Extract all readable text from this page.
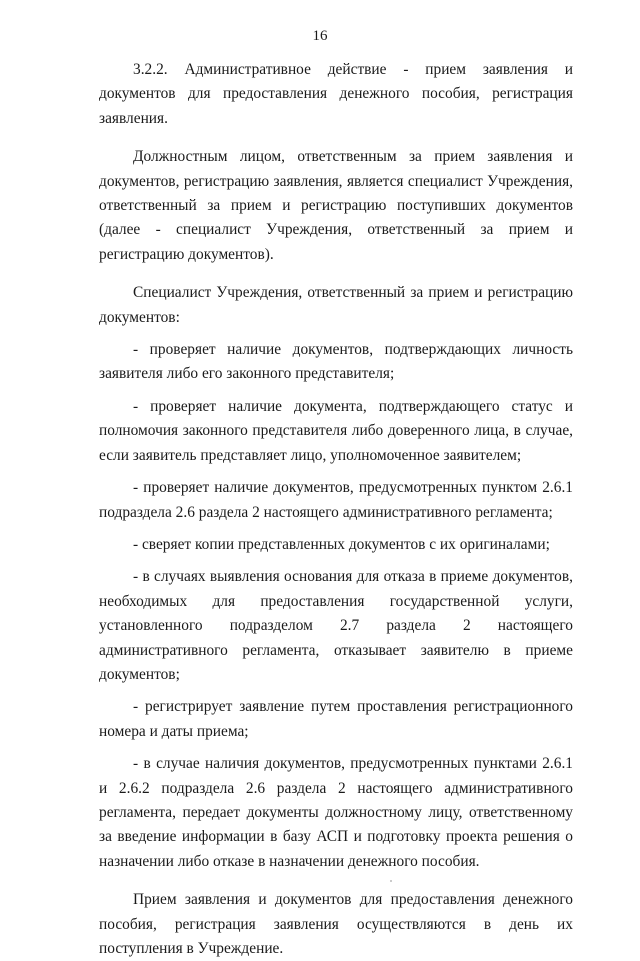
16

3.2.2. Административное действие - прием заявления и документов для предоставления денежного пособия, регистрация заявления.

Должностным лицом, ответственным за прием заявления и документов, регистрацию заявления, является специалист Учреждения, ответственный за прием и регистрацию поступивших документов (далее - специалист Учреждения, ответственный за прием и регистрацию документов).

Специалист Учреждения, ответственный за прием и регистрацию документов:

- проверяет наличие документов, подтверждающих личность заявителя либо его законного представителя;

- проверяет наличие документа, подтверждающего статус и полномочия законного представителя либо доверенного лица, в случае, если заявитель представляет лицо, уполномоченное заявителем;

- проверяет наличие документов, предусмотренных пунктом 2.6.1 подраздела 2.6 раздела 2 настоящего административного регламента;

- сверяет копии представленных документов с их оригиналами;

- в случаях выявления основания для отказа в приеме документов, необходимых для предоставления государственной услуги, установленного подразделом 2.7 раздела 2 настоящего административного регламента, отказывает заявителю в приеме документов;

- регистрирует заявление путем проставления регистрационного номера и даты приема;

- в случае наличия документов, предусмотренных пунктами 2.6.1 и 2.6.2 подраздела 2.6 раздела 2 настоящего административного регламента, передает документы должностному лицу, ответственному за введение информации в базу АСП и подготовку проекта решения о назначении либо отказе в назначении денежного пособия.

Прием заявления и документов для предоставления денежного пособия, регистрация заявления осуществляются в день их поступления в Учреждение.
